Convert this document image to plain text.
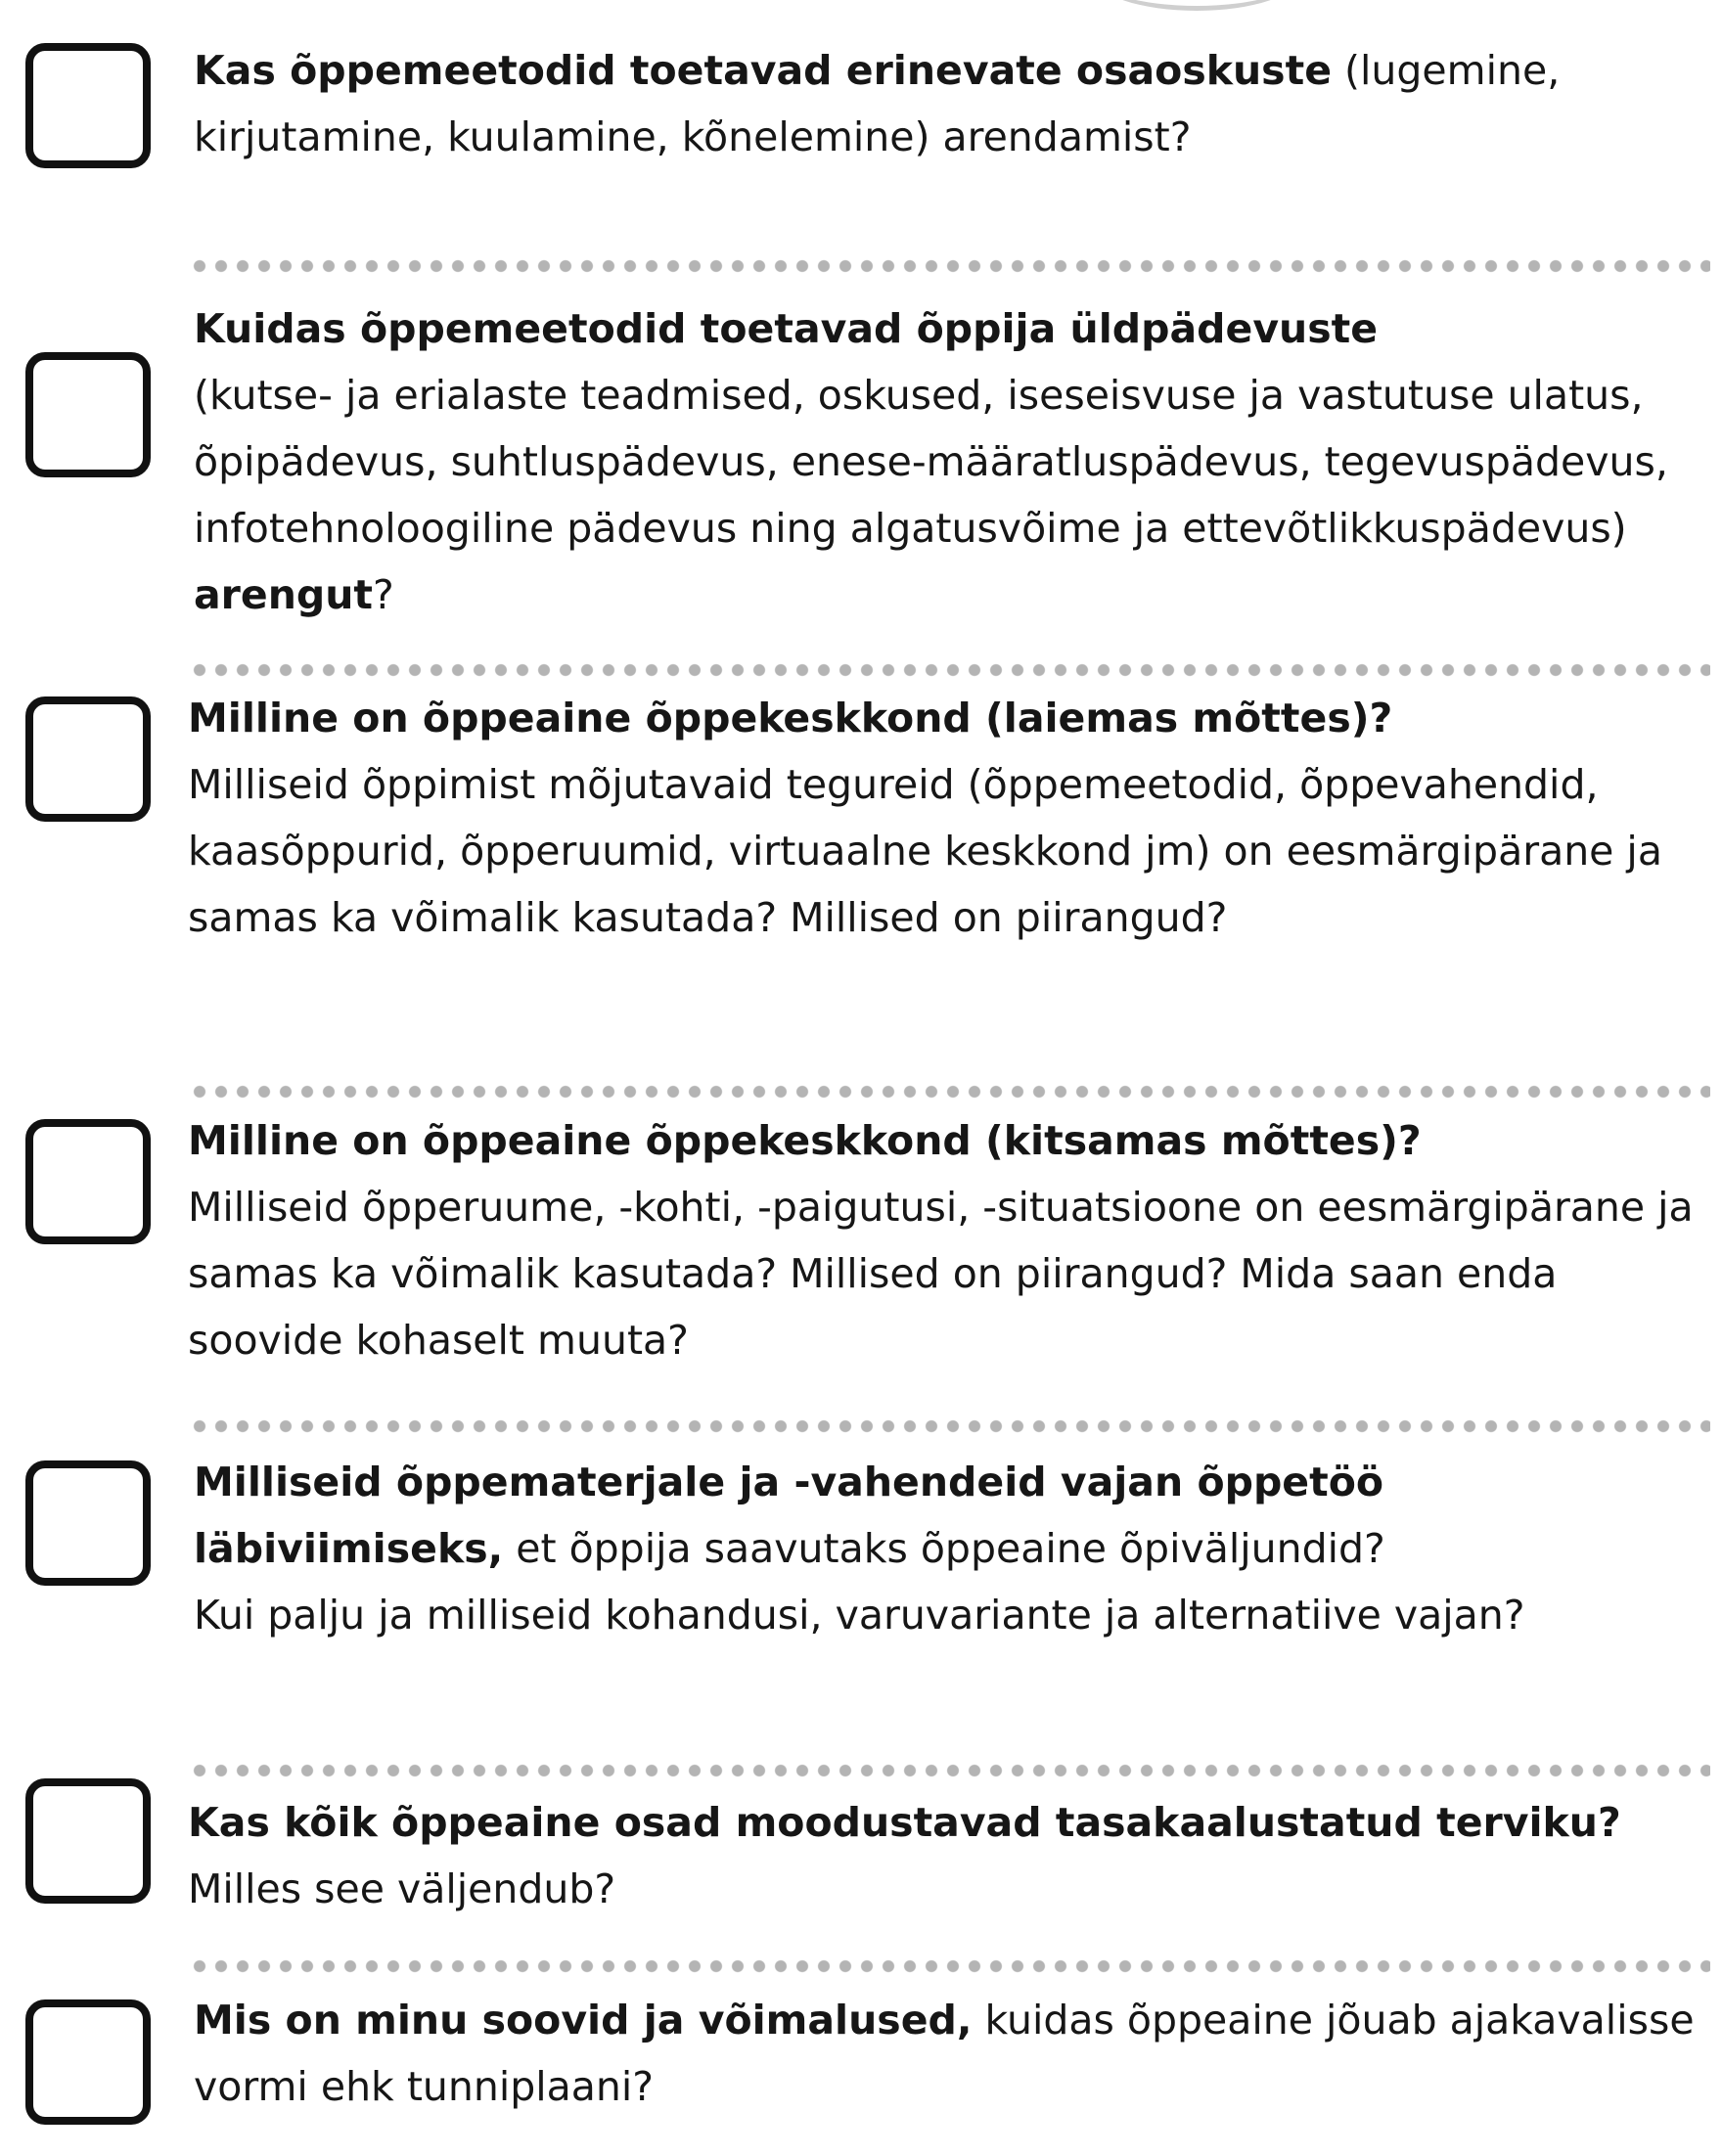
Kas õppemeetodid toetavad erinevate osaoskuste (lugemine, kirjutamine, kuulamine, kõnelemine) arendamist?

Kuidas õppemeetodid toetavad õppija üldpädevuste
(kutse- ja erialaste teadmised, oskused, iseseisvuse ja vastutuse ulatus, õpipädevus, suhtluspädevus, enese-määratluspädevus, tegevuspädevus, infotehnoloogiline pädevus ning algatusvõime ja ettevõtlikkuspädevus)
arengut?

Milline on õppeaine õppekeskkond (laiemas mõttes)?
Milliseid õppimist mõjutavaid tegureid (õppemeetodid, õppevahendid, kaasõppurid, õpperuumid, virtuaalne keskkond jm) on eesmärgipärane ja samas ka võimalik kasutada? Millised on piirangud?

Milline on õppeaine õppekeskkond (kitsamas mõttes)?
Milliseid õpperuume, -kohti, -paigutusi, -situatsioone on eesmärgipärane ja samas ka võimalik kasutada? Millised on piirangud? Mida saan enda soovide kohaselt muuta?

Milliseid õppematerjale ja -vahendeid vajan õppetöö läbiviimiseks, et õppija saavutaks õppeaine õpiväljundid?
Kui palju ja milliseid kohandusi, varuvariante ja alternatiive vajan?

Kas kõik õppeaine osad moodustavad tasakaalustatud terviku? Milles see väljendub?

Mis on minu soovid ja võimalused, kuidas õppeaine jõuab ajakavalisse vormi ehk tunniplaani?
